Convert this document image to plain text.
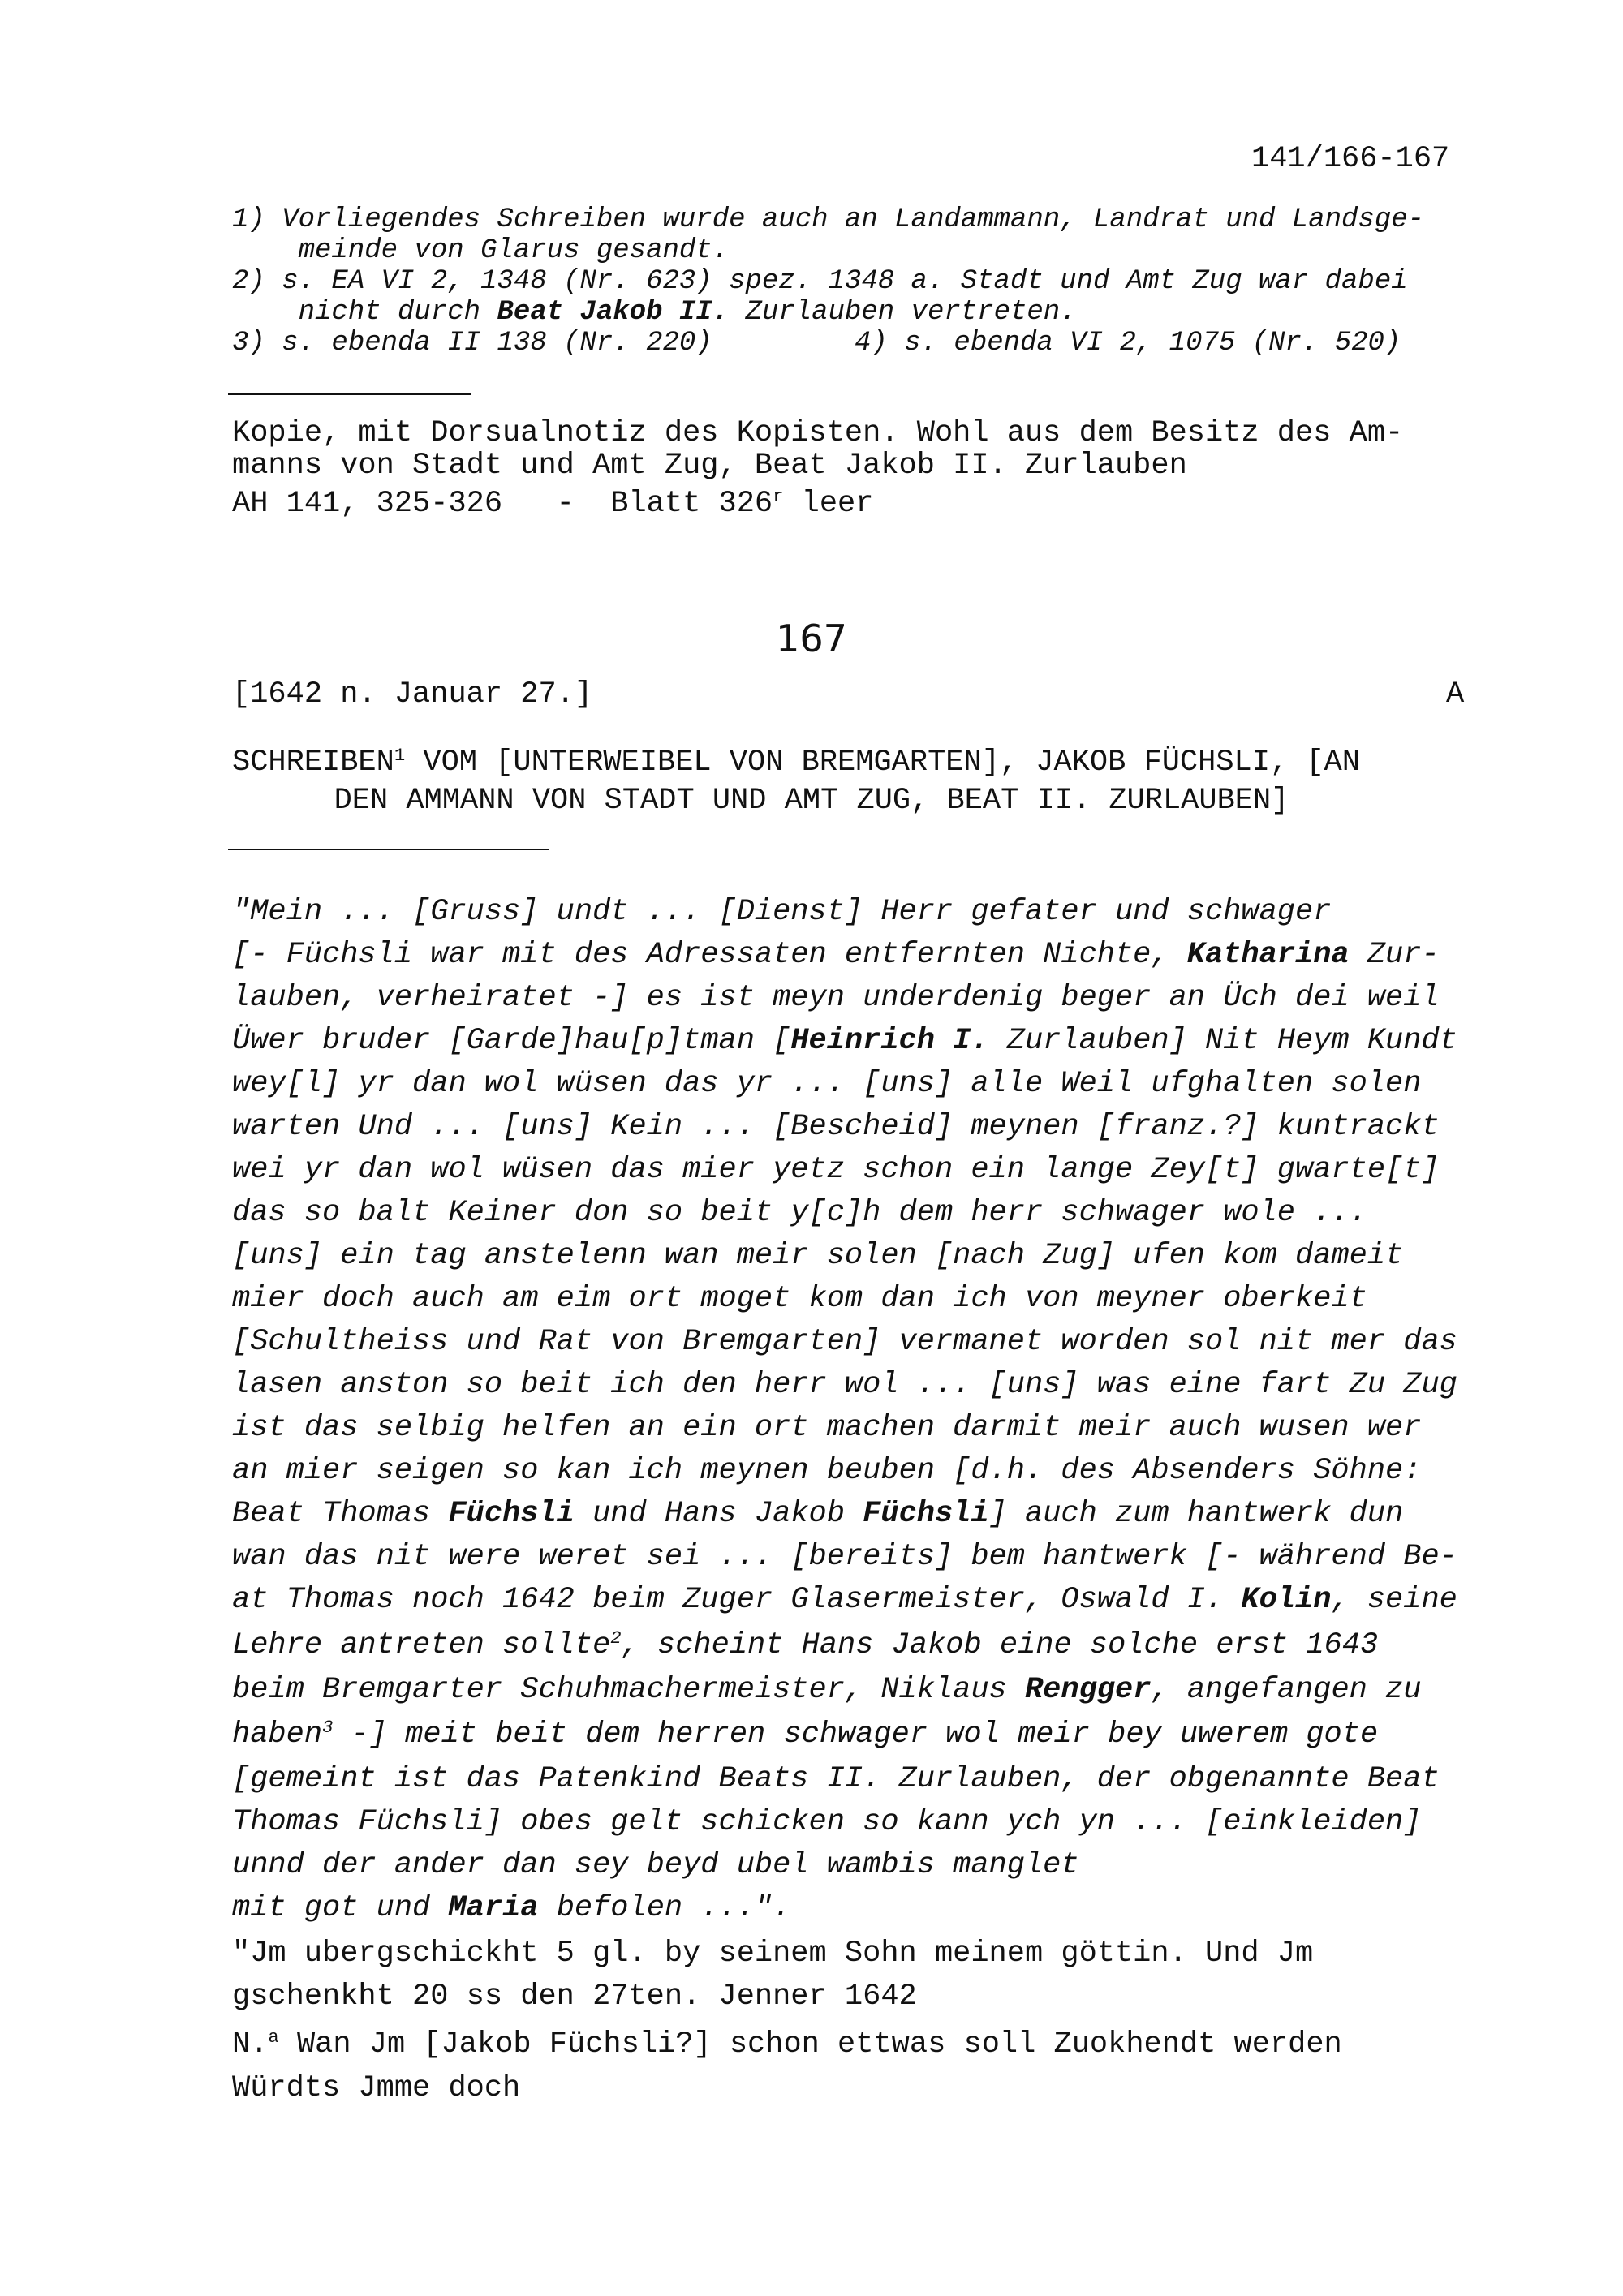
141/166-167
1) Vorliegendes Schreiben wurde auch an Landammann, Landrat und Landsge-
meinde von Glarus gesandt.
2) s. EA VI 2, 1348 (Nr. 623) spez. 1348 a. Stadt und Amt Zug war dabei
nicht durch Beat Jakob II. Zurlauben vertreten.
3) s. ebenda II 138 (Nr. 220)	4) s. ebenda VI 2, 1075 (Nr. 520)
Kopie, mit Dorsualnotiz des Kopisten. Wohl aus dem Besitz des Am-
manns von Stadt und Amt Zug, Beat Jakob II. Zurlauben
AH 141, 325-326   -  Blatt 326$^r$ leer
167
[1642 n. Januar 27.]	A
SCHREIBEN$^1$ VOM [UNTERWEIBEL VON BREMGARTEN], JAKOB FÜCHSLI, [AN
DEN AMMANN VON STADT UND AMT ZUG, BEAT II. ZURLAUBEN]
"Mein ... [Gruss] undt ... [Dienst] Herr gefater und schwager
[- Füchsli war mit des Adressaten entfernten Nichte, Katharina Zur-
lauben, verheiratet -] es ist meyn underdenig beger an Üch dei weil
Üwer bruder [Garde]hau[p]tman [Heinrich I. Zurlauben] Nit Heym Kundt
wey[l] yr dan wol wüsen das yr ... [uns] alle Weil ufghalten solen
warten Und ... [uns] Kein ... [Bescheid] meynen [franz.?] kuntrackt
wei yr dan wol wüsen das mier yetz schon ein lange Zey[t] gwarte[t]
das so balt Keiner don so beit y[c]h dem herr schwager wole ...
[uns] ein tag anstelenn wan meir solen [nach Zug] ufen kom dameit
mier doch auch am eim ort moget kom dan ich von meyner oberkeit
[Schultheiss und Rat von Bremgarten] vermanet worden sol nit mer das
lasen anston so beit ich den herr wol ... [uns] was eine fart Zu Zug
ist das selbig helfen an ein ort machen darmit meir auch wusen wer
an mier seigen so kan ich meynen beuben [d.h. des Absenders Söhne:
Beat Thomas Füchsli und Hans Jakob Füchsli] auch zum hantwerk dun
wan das nit were weret sei ... [bereits] bem hantwerk [- während Be-
at Thomas noch 1642 beim Zuger Glasermeister, Oswald I. Kolin, seine
Lehre antreten sollte$^2$, scheint Hans Jakob eine solche erst 1643
beim Bremgarter Schuhmachermeister, Niklaus Rengger, angefangen zu
haben$^3$ -] meit beit dem herren schwager wol meir bey uwerem gote
[gemeint ist das Patenkind Beats II. Zurlauben, der obgenannte Beat
Thomas Füchsli] obes gelt schicken so kann ych yn ... [einkleiden]
unnd der ander dan sey beyd ubel wambis manglet
mit got und Maria befolen ...".
"Jm ubergschickht 5 gl. by seinem Sohn meinem göttin. Und Jm
gschenkht 20 ss den 27ten. Jenner 1642
N.$^a$ Wan Jm [Jakob Füchsli?] schon ettwas soll Zuokhendt werden
Würdts Jmme doch
